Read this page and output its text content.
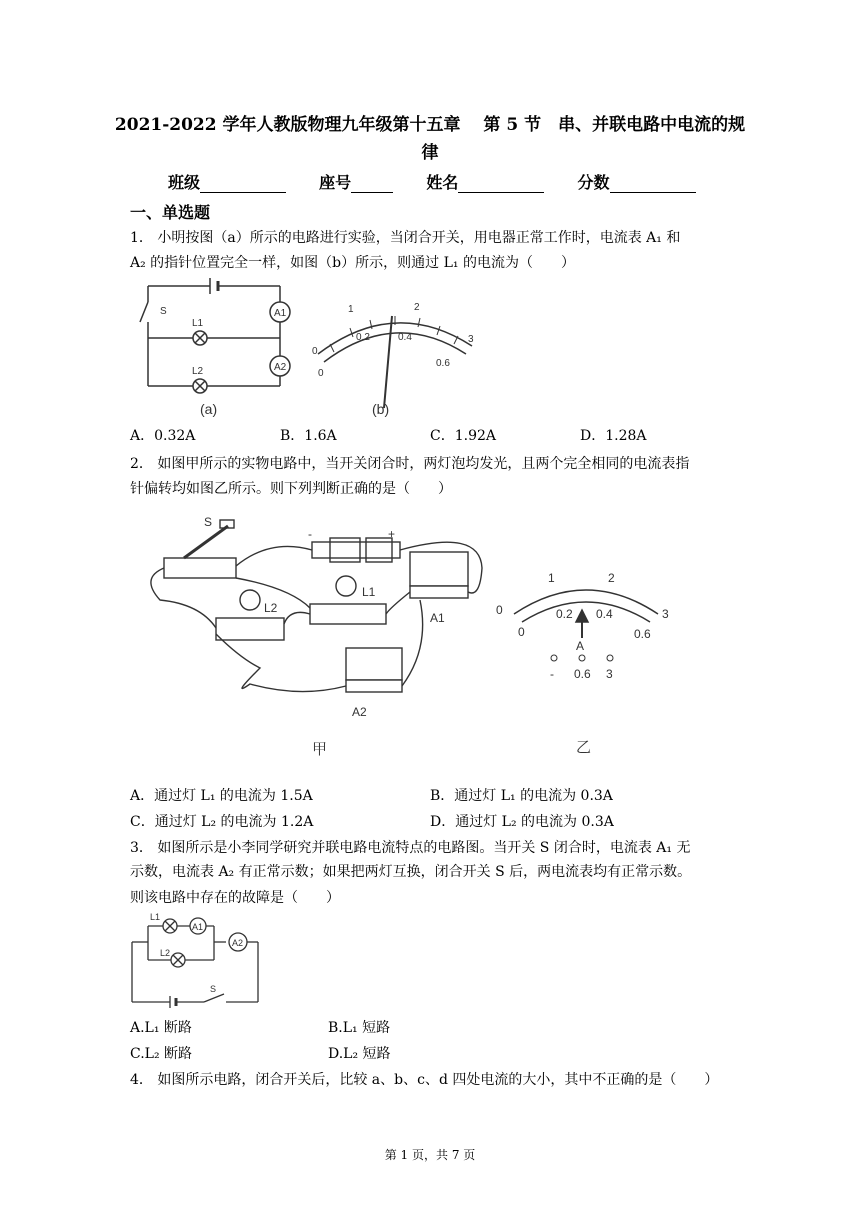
2021-2022 学年人教版物理九年级第十五章　 第 5 节　串、并联电路中电流的规
律
班级	座号	姓名	分数
一、单选题
1． 小明按图（a）所示的电路进行实验，当闭合开关，用电器正常工作时，电流表 A₁ 和
A₂ 的指针位置完全一样，如图（b）所示，则通过 L₁ 的电流为（　　）
S
L1
L2
A1
A2
(a)
0
1	2
3
0
0.2	0.4
0.6
(b)
A．0.32A	B．1.6A	C．1.92A	D．1.28A
2． 如图甲所示的实物电路中，当开关闭合时，两灯泡均发光，且两个完全相同的电流表指
针偏转均如图乙所示。则下列判断正确的是（　　）
S
L1
L2
A1
A2
-	+
甲
0
1	2
3
0
0.2 0.4
0.6
A
- 0.6 3
乙
A．通过灯 L₁ 的电流为 1.5A	B．通过灯 L₁ 的电流为 0.3A
C．通过灯 L₂ 的电流为 1.2A	D．通过灯 L₂ 的电流为 0.3A
3． 如图所示是小李同学研究并联电路电流特点的电路图。当开关 S 闭合时，电流表 A₁ 无
示数，电流表 A₂ 有正常示数；如果把两灯互换，闭合开关 S 后，两电流表均有正常示数。
则该电路中存在的故障是（　　）
L1
L2
A1
A2
S
A.L₁ 断路	B.L₁ 短路
C.L₂ 断路	D.L₂ 短路
4． 如图所示电路，闭合开关后，比较 a、b、c、d 四处电流的大小，其中不正确的是（　　）
第 1 页，共 7 页
